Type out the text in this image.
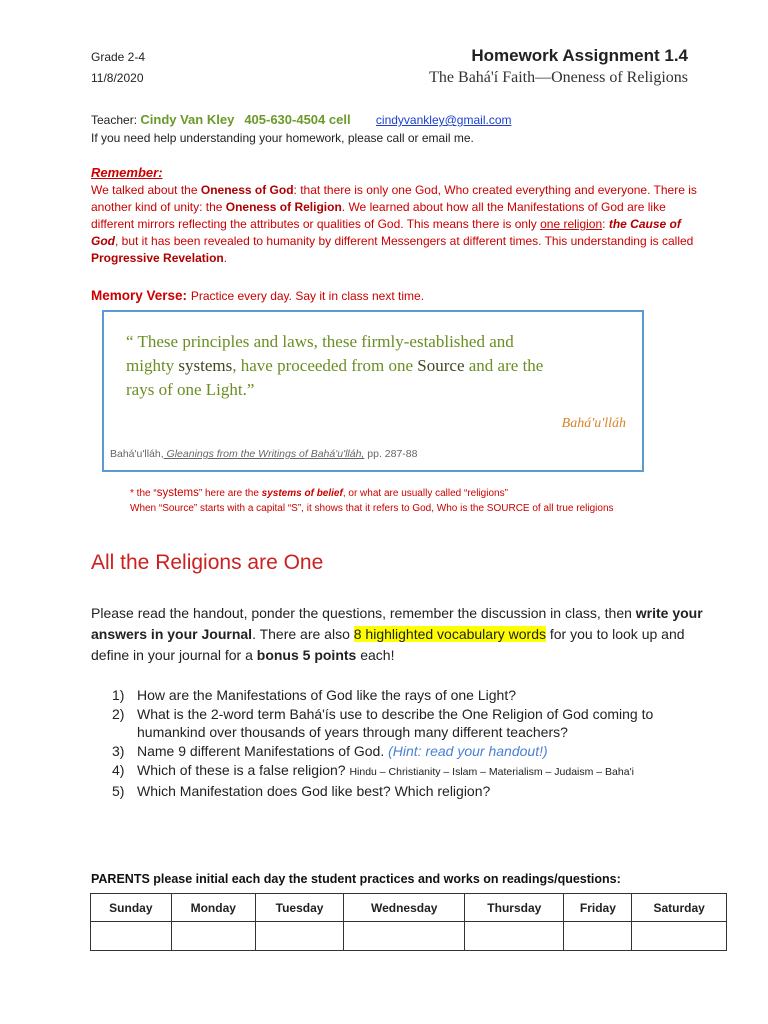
Grade 2-4
11/8/2020
Homework Assignment 1.4
The Bahá'í Faith—Oneness of Religions
Teacher: Cindy Van Kley 405-630-4504 cell cindyvankley@gmail.com
If you need help understanding your homework, please call or email me.
Remember:
We talked about the Oneness of God: that there is only one God, Who created everything and everyone. There is another kind of unity: the Oneness of Religion. We learned about how all the Manifestations of God are like different mirrors reflecting the attributes or qualities of God. This means there is only one religion: the Cause of God, but it has been revealed to humanity by different Messengers at different times. This understanding is called Progressive Revelation.
Memory Verse: Practice every day. Say it in class next time.
“ These principles and laws, these firmly-established and mighty systems, have proceeded from one Source and are the rays of one Light.”
Bahá'u'lláh
Bahá'u'lláh, Gleanings from the Writings of Bahá'u'lláh, pp. 287-88
* the “systems” here are the systems of belief, or what are usually called “religions”
When “Source” starts with a capital “S”, it shows that it refers to God, Who is the SOURCE of all true religions
All the Religions are One
Please read the handout, ponder the questions, remember the discussion in class, then write your answers in your Journal. There are also 8 highlighted vocabulary words for you to look up and define in your journal for a bonus 5 points each!
1) How are the Manifestations of God like the rays of one Light?
2) What is the 2-word term Bahá'ís use to describe the One Religion of God coming to humankind over thousands of years through many different teachers?
3) Name 9 different Manifestations of God. (Hint: read your handout!)
4) Which of these is a false religion? Hindu – Christianity – Islam – Materialism – Judaism – Baha'i
5) Which Manifestation does God like best? Which religion?
PARENTS please initial each day the student practices and works on readings/questions:
Sunday	Monday	Tuesday	Wednesday	Thursday	Friday	Saturday
